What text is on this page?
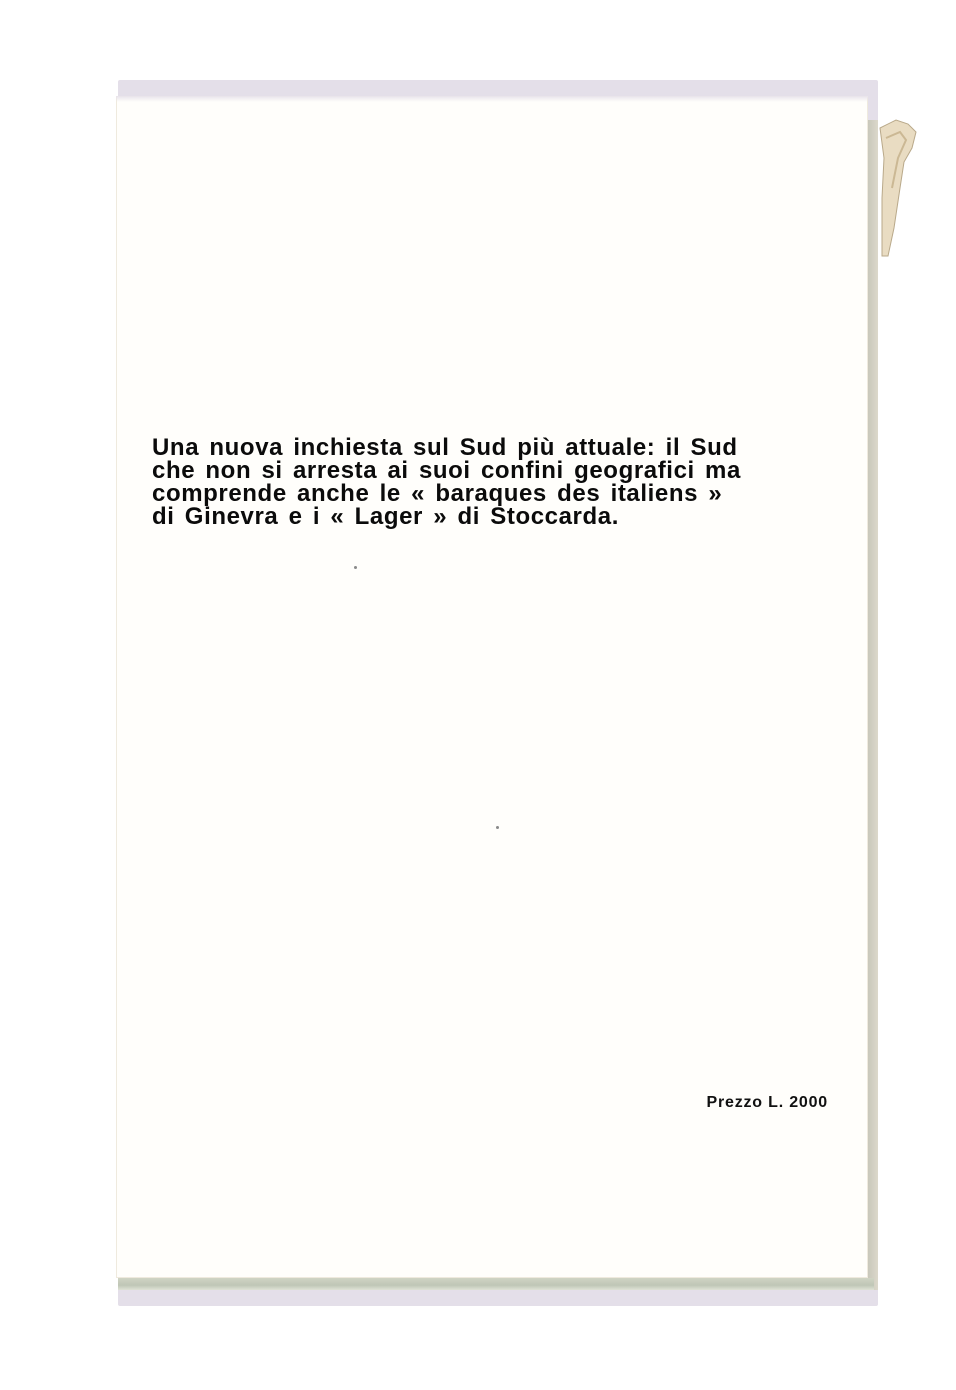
Una nuova inchiesta sul Sud più attuale: il Sud
che non si arresta ai suoi confini geografici ma
comprende anche le « baraques des italiens »
di Ginevra e i « Lager » di Stoccarda.

Prezzo L. 2000
